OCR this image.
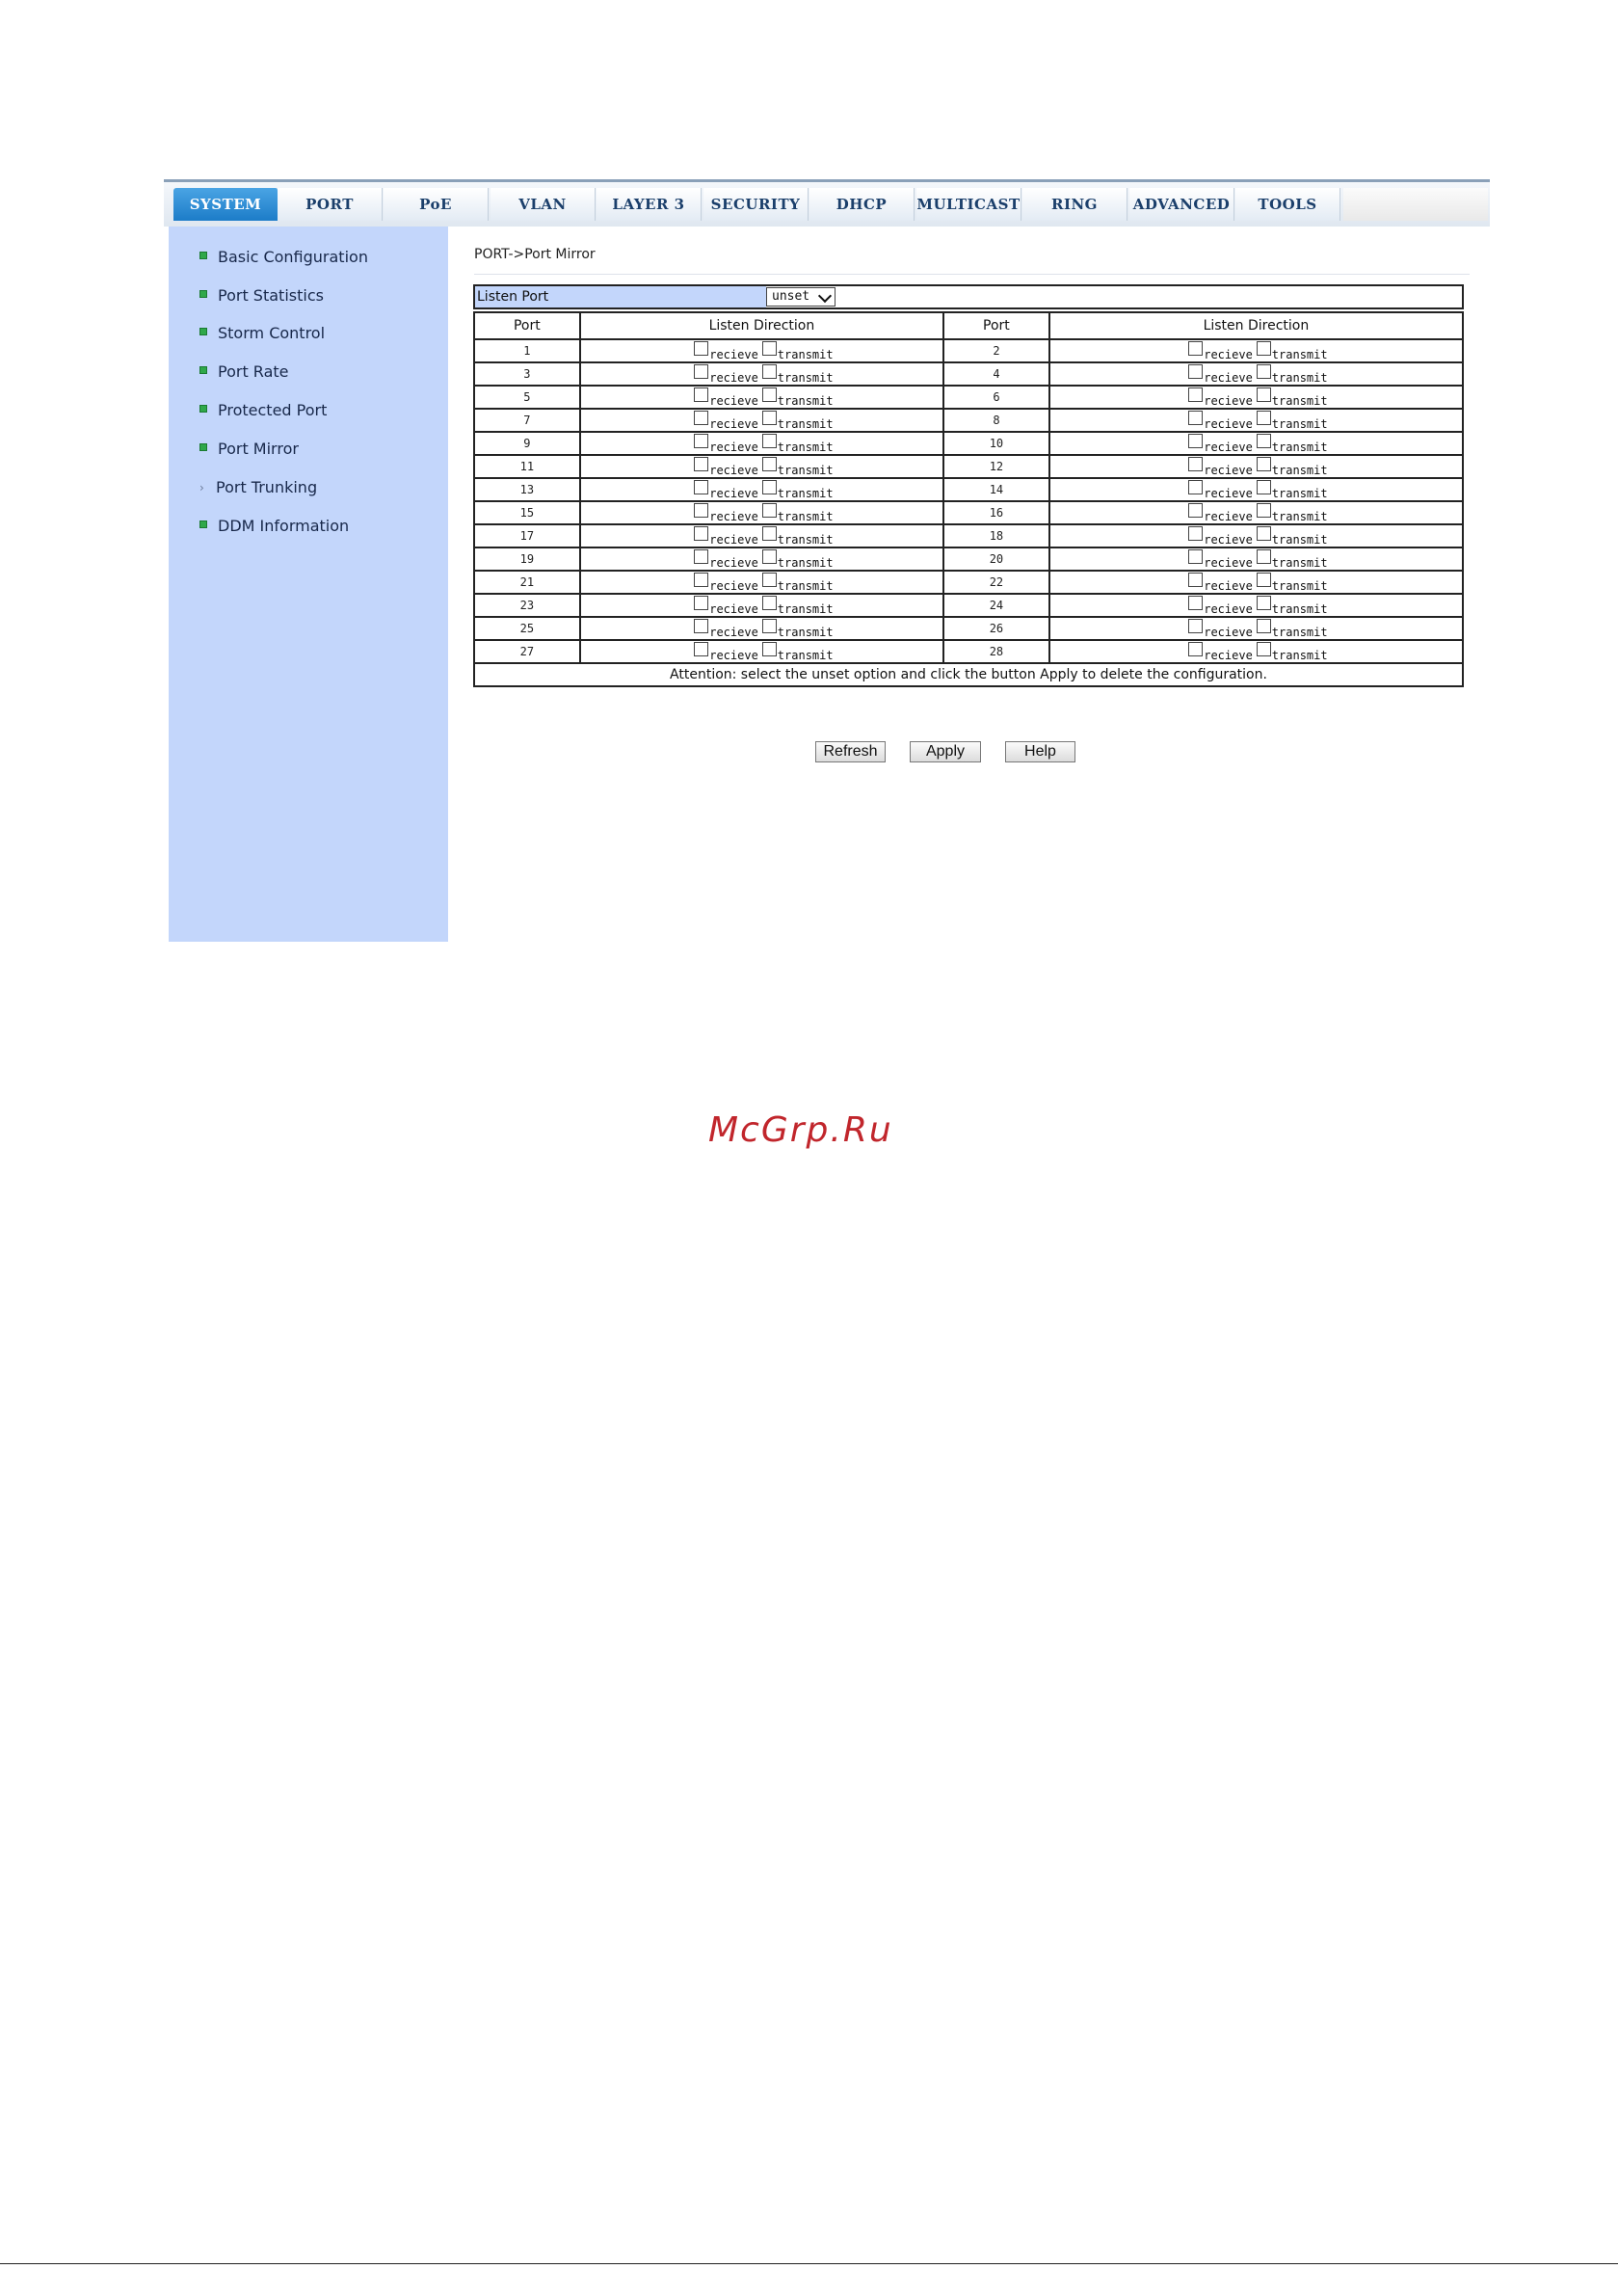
SYSTEM	PORT	PoE	VLAN	LAYER 3	SECURITY	DHCP	MULTICAST	RING	ADVANCED	TOOLS
Basic Configuration
Port Statistics
Storm Control
Port Rate
Protected Port
Port Mirror
› Port Trunking
DDM Information
PORT->Port Mirror
Listen Port	unset
Port	Listen Direction	Port	Listen Direction
1	recieve transmit	2	recieve transmit
3	recieve transmit	4	recieve transmit
5	recieve transmit	6	recieve transmit
7	recieve transmit	8	recieve transmit
9	recieve transmit	10	recieve transmit
11	recieve transmit	12	recieve transmit
13	recieve transmit	14	recieve transmit
15	recieve transmit	16	recieve transmit
17	recieve transmit	18	recieve transmit
19	recieve transmit	20	recieve transmit
21	recieve transmit	22	recieve transmit
23	recieve transmit	24	recieve transmit
25	recieve transmit	26	recieve transmit
27	recieve transmit	28	recieve transmit
Attention: select the unset option and click the button Apply to delete the configuration.			
Refresh	Apply	Help
McGrp.Ru
